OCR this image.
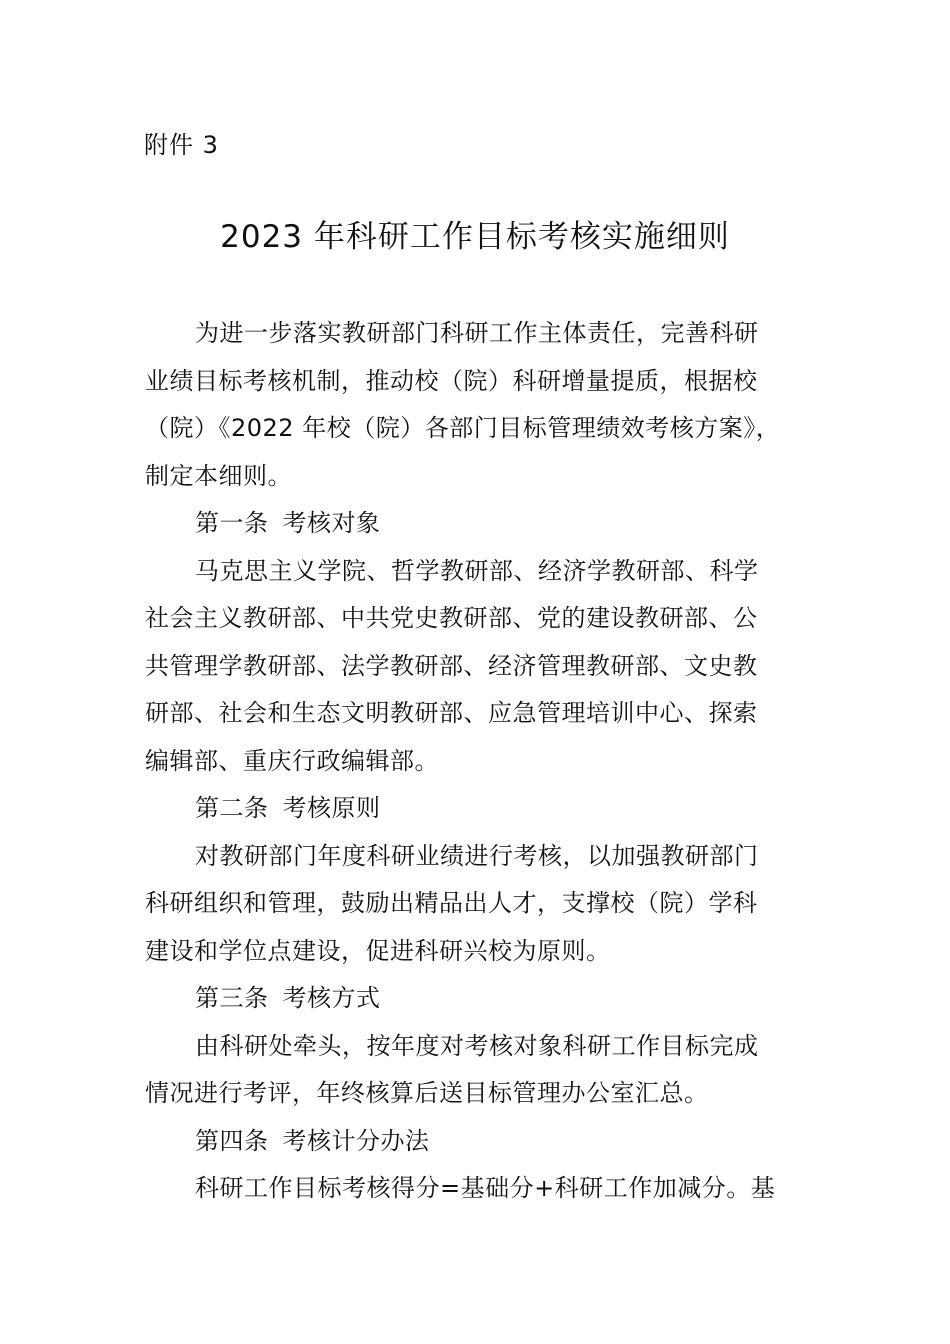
附件 3
2023 年科研工作目标考核实施细则
为进一步落实教研部门科研工作主体责任，完善科研
业绩目标考核机制，推动校（院）科研增量提质，根据校
（院）《2022 年校（院）各部门目标管理绩效考核方案》，
制定本细则。
第一条 考核对象
马克思主义学院、哲学教研部、经济学教研部、科学
社会主义教研部、中共党史教研部、党的建设教研部、公
共管理学教研部、法学教研部、经济管理教研部、文史教
研部、社会和生态文明教研部、应急管理培训中心、探索
编辑部、重庆行政编辑部。
第二条 考核原则
对教研部门年度科研业绩进行考核，以加强教研部门
科研组织和管理，鼓励出精品出人才，支撑校（院）学科
建设和学位点建设，促进科研兴校为原则。
第三条 考核方式
由科研处牵头，按年度对考核对象科研工作目标完成
情况进行考评，年终核算后送目标管理办公室汇总。
第四条 考核计分办法
科研工作目标考核得分=基础分+科研工作加减分。基
